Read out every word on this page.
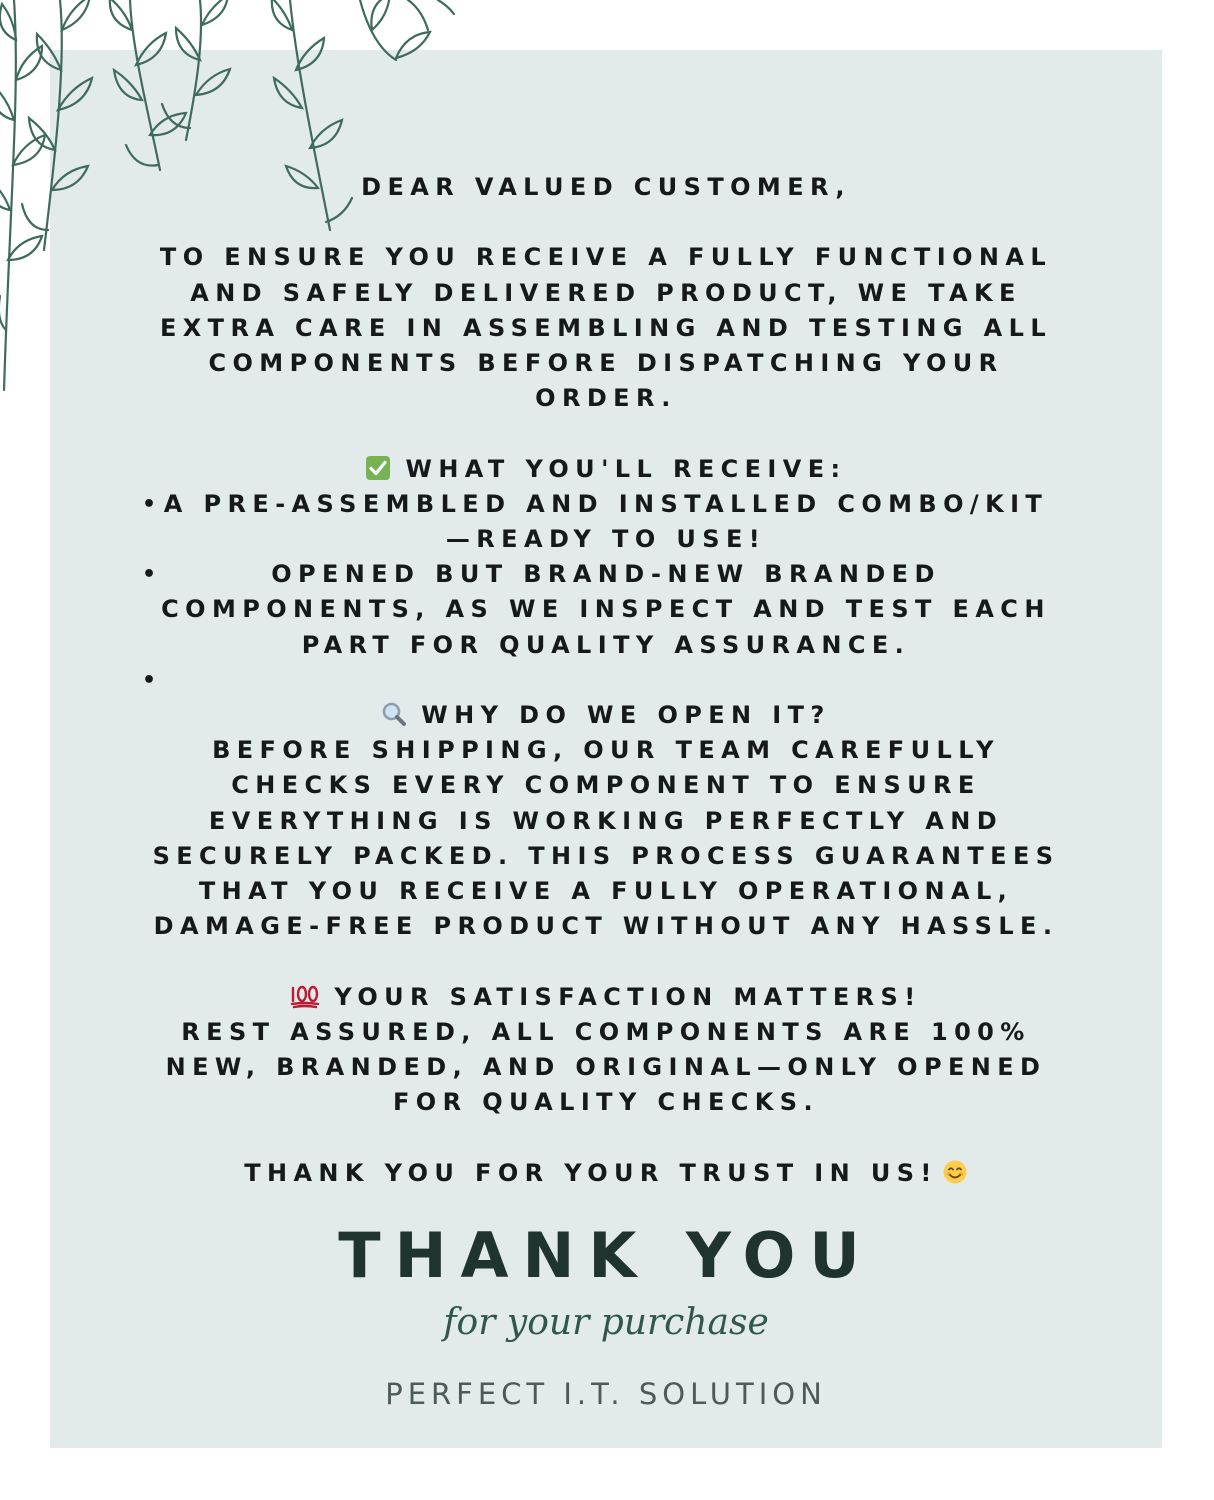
DEAR VALUED CUSTOMER,
TO ENSURE YOU RECEIVE A FULLY FUNCTIONAL
AND SAFELY DELIVERED PRODUCT, WE TAKE
EXTRA CARE IN ASSEMBLING AND TESTING ALL
COMPONENTS BEFORE DISPATCHING YOUR
ORDER.
WHAT YOU'LL RECEIVE:
• A PRE-ASSEMBLED AND INSTALLED COMBO/KIT
—READY TO USE!
•	OPENED BUT BRAND-NEW BRANDED
COMPONENTS, AS WE INSPECT AND TEST EACH
PART FOR QUALITY ASSURANCE.
•
WHY DO WE OPEN IT?
BEFORE SHIPPING, OUR TEAM CAREFULLY
CHECKS EVERY COMPONENT TO ENSURE
EVERYTHING IS WORKING PERFECTLY AND
SECURELY PACKED. THIS PROCESS GUARANTEES
THAT YOU RECEIVE A FULLY OPERATIONAL,
DAMAGE-FREE PRODUCT WITHOUT ANY HASSLE.
YOUR SATISFACTION MATTERS!
REST ASSURED, ALL COMPONENTS ARE 100%
NEW, BRANDED, AND ORIGINAL—ONLY OPENED
FOR QUALITY CHECKS.
THANK YOU FOR YOUR TRUST IN US!
THANK YOU
for your purchase
PERFECT I.T. SOLUTION
